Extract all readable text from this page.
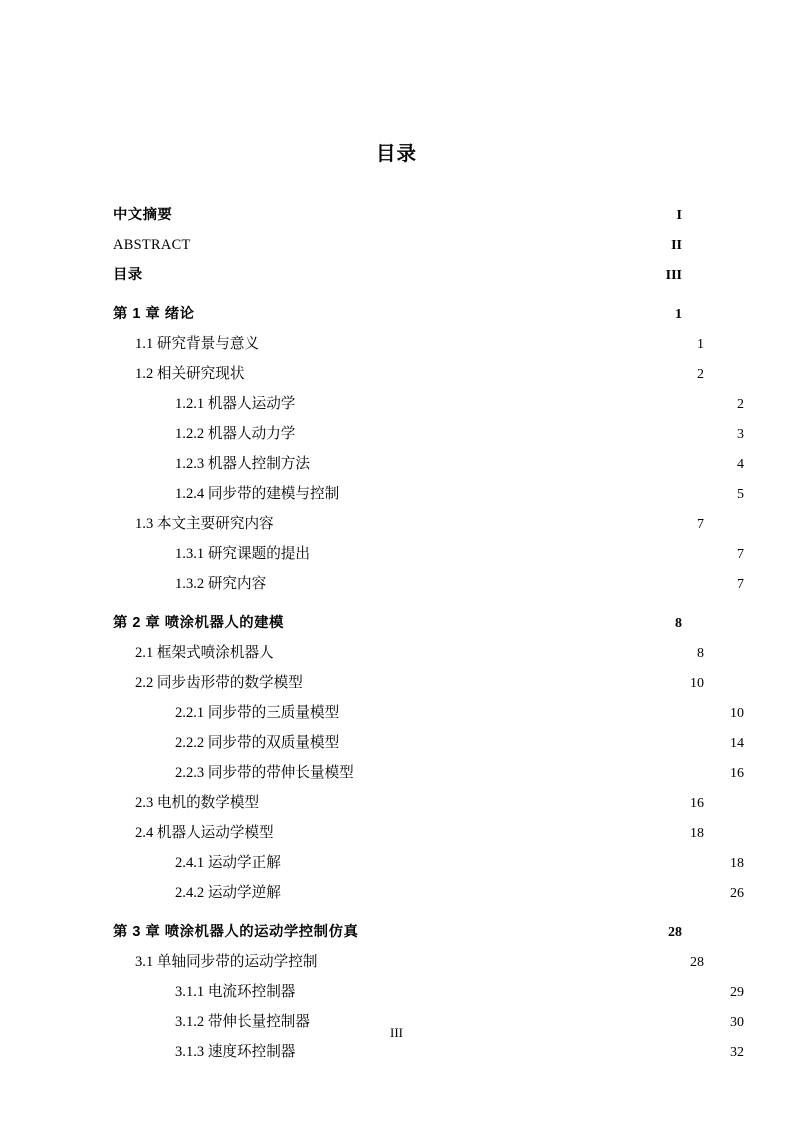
目录
中文摘要 .....	I
ABSTRACT .....	II
目录 .....	III
第 1 章 绪论 .....	1
1.1 研究背景与意义 .....	1
1.2 相关研究现状 .....	2
1.2.1 机器人运动学 .....	2
1.2.2 机器人动力学 .....	3
1.2.3 机器人控制方法 .....	4
1.2.4 同步带的建模与控制 .....	5
1.3 本文主要研究内容 .....	7
1.3.1 研究课题的提出 .....	7
1.3.2 研究内容 .....	7
第 2 章 喷涂机器人的建模 .....	8
2.1 框架式喷涂机器人 .....	8
2.2 同步齿形带的数学模型 .....	10
2.2.1 同步带的三质量模型 .....	10
2.2.2 同步带的双质量模型 .....	14
2.2.3 同步带的带伸长量模型 .....	16
2.3 电机的数学模型 .....	16
2.4 机器人运动学模型 .....	18
2.4.1 运动学正解 .....	18
2.4.2 运动学逆解 .....	26
第 3 章 喷涂机器人的运动学控制仿真 .....	28
3.1 单轴同步带的运动学控制 .....	28
3.1.1 电流环控制器 .....	29
3.1.2 带伸长量控制器 .....	30
3.1.3 速度环控制器 .....	32
III
